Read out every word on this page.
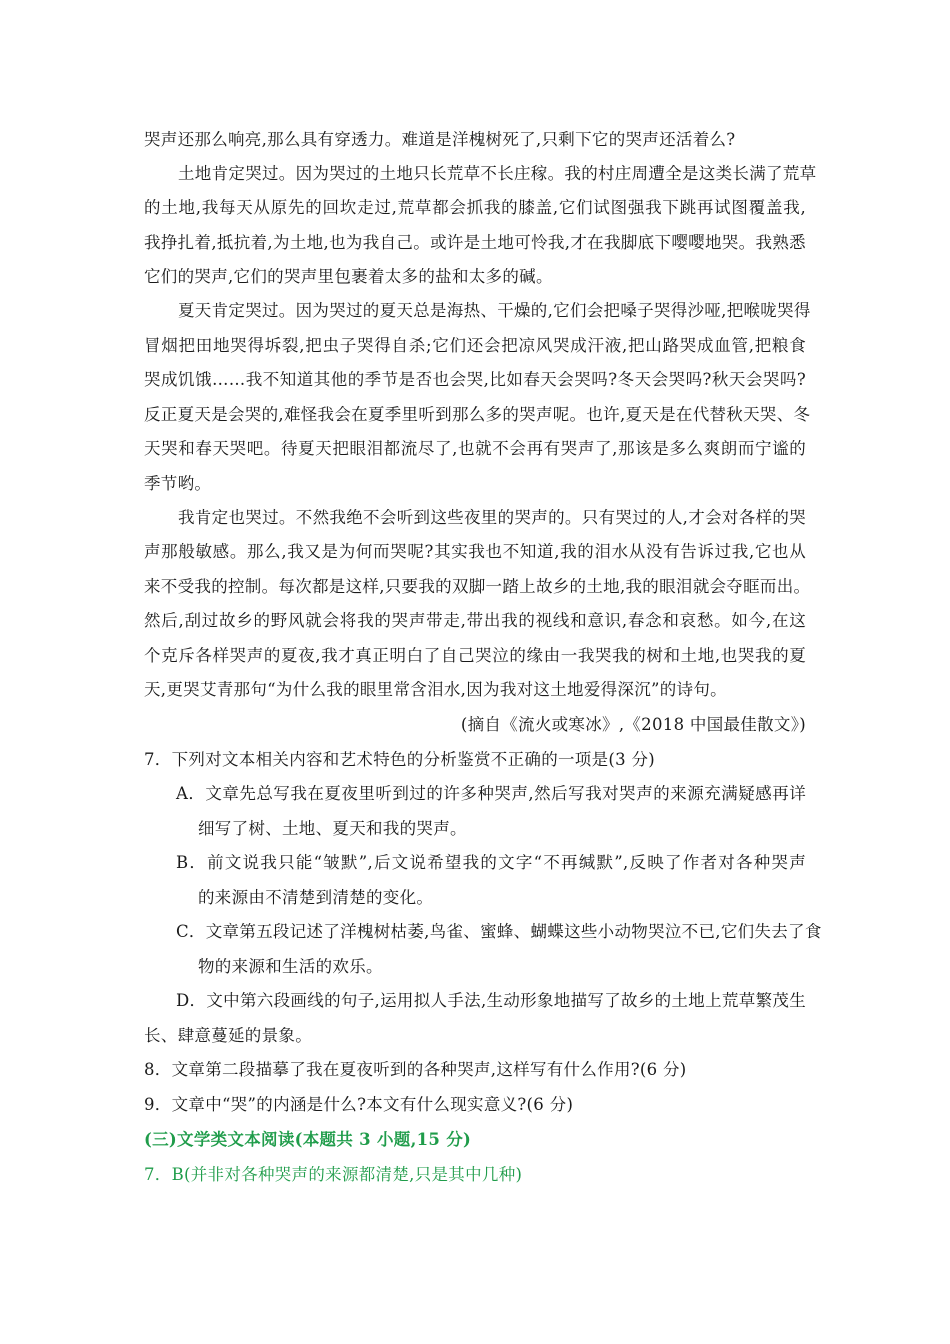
哭声还那么响亮,那么具有穿透力。难道是洋槐树死了,只剩下它的哭声还活着么?
土地肯定哭过。因为哭过的土地只长荒草不长庄稼。我的村庄周遭全是这类长满了荒草
的土地,我每天从原先的回坎走过,荒草都会抓我的膝盖,它们试图强我下跳再试图覆盖我,
我挣扎着,抵抗着,为土地,也为我自己。或许是土地可怜我,才在我脚底下嘤嘤地哭。我熟悉
它们的哭声,它们的哭声里包裹着太多的盐和太多的碱。
夏天肯定哭过。因为哭过的夏天总是海热、干燥的,它们会把嗓子哭得沙哑,把喉咙哭得
冒烟把田地哭得坼裂,把虫子哭得自杀;它们还会把凉风哭成汗液,把山路哭成血管,把粮食
哭成饥饿……我不知道其他的季节是否也会哭,比如春天会哭吗?冬天会哭吗?秋天会哭吗?
反正夏天是会哭的,难怪我会在夏季里听到那么多的哭声呢。也许,夏天是在代替秋天哭、冬
天哭和春天哭吧。待夏天把眼泪都流尽了,也就不会再有哭声了,那该是多么爽朗而宁谧的
季节哟。
我肯定也哭过。不然我绝不会听到这些夜里的哭声的。只有哭过的人,才会对各样的哭
声那般敏感。那么,我又是为何而哭呢?其实我也不知道,我的泪水从没有告诉过我,它也从
来不受我的控制。每次都是这样,只要我的双脚一踏上故乡的土地,我的眼泪就会夺眶而出。
然后,刮过故乡的野风就会将我的哭声带走,带出我的视线和意识,春念和哀愁。如今,在这
个克斥各样哭声的夏夜,我才真正明白了自己哭泣的缘由一我哭我的树和土地,也哭我的夏
天,更哭艾青那句“为什么我的眼里常含泪水,因为我对这土地爱得深沉”的诗句。
(摘自《流火或寒冰》,《2018 中国最佳散文》)
7．下列对文本相关内容和艺术特色的分析鉴赏不正确的一项是(3 分)
A．文章先总写我在夏夜里听到过的许多种哭声,然后写我对哭声的来源充满疑感再详
细写了树、土地、夏天和我的哭声。
B．前文说我只能“皱默”,后文说希望我的文字“不再缄默”,反映了作者对各种哭声
的来源由不清楚到清楚的变化。
C．文章第五段记述了洋槐树枯萎,鸟雀、蜜蜂、蝴蝶这些小动物哭泣不已,它们失去了食
物的来源和生活的欢乐。
D．文中第六段画线的句子,运用拟人手法,生动形象地描写了故乡的土地上荒草繁茂生
长、肆意蔓延的景象。
8．文章第二段描摹了我在夏夜听到的各种哭声,这样写有什么作用?(6 分)
9．文章中“哭”的内涵是什么?本文有什么现实意义?(6 分)
(三)文学类文本阅读(本题共 3 小题,15 分)
7．B(并非对各种哭声的来源都清楚,只是其中几种)
